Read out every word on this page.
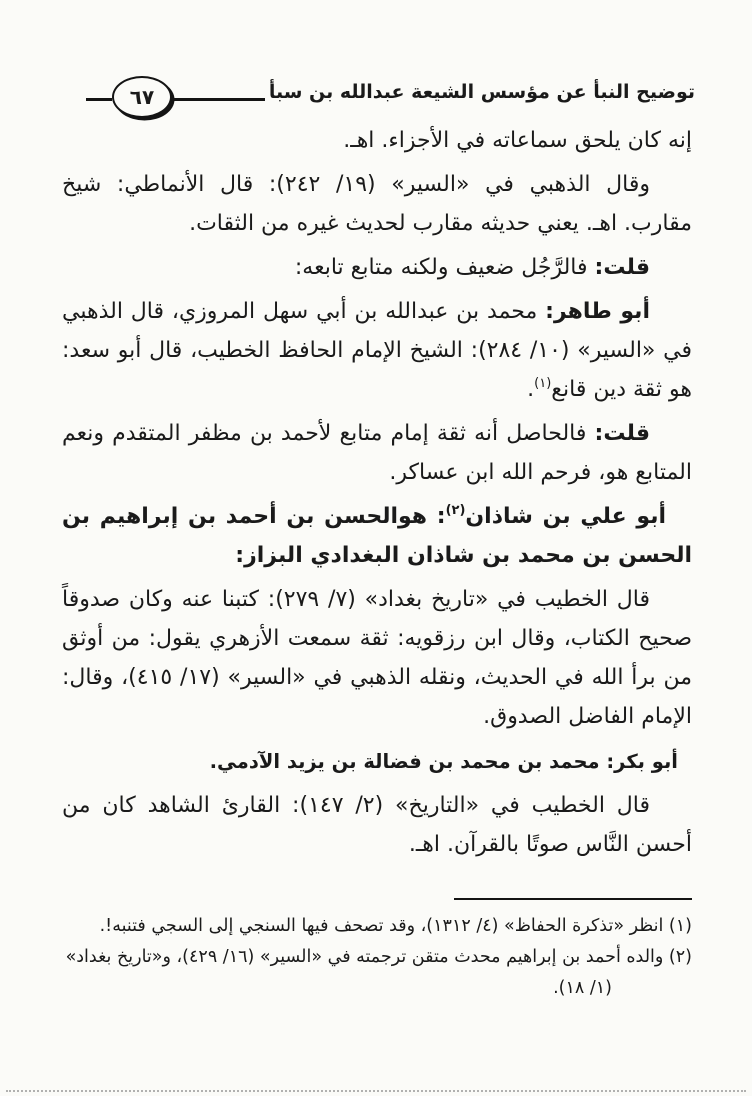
٦٧	توضيح النبأ عن مؤسس الشيعة عبدالله بن سبأ

إنه كان يلحق سماعاته في الأجزاء. اهـ.

وقال الذهبي في «السير» (١٩/ ٢٤٢): قال الأنماطي: شيخ مقارب. اهـ. يعني حديثه مقارب لحديث غيره من الثقات.

قلت: فالرَّجُل ضعيف ولكنه متابع تابعه:

أبو طاهر: محمد بن عبدالله بن أبي سهل المروزي، قال الذهبي في «السير» (١٠/ ٢٨٤): الشيخ الإمام الحافظ الخطيب، قال أبو سعد: هو ثقة دين قانع$^{(١)}$.

قلت: فالحاصل أنه ثقة إمام متابع لأحمد بن مظفر المتقدم ونعم المتابع هو، فرحم الله ابن عساكر.

أبو علي بن شاذان$^{(٢)}$: هوالحسن بن أحمد بن إبراهيم بن الحسن بن محمد بن شاذان البغدادي البزاز:

قال الخطيب في «تاريخ بغداد» (٧/ ٢٧٩): كتبنا عنه وكان صدوقاً صحيح الكتاب، وقال ابن رزقويه: ثقة سمعت الأزهري يقول: من أوثق من برأ الله في الحديث، ونقله الذهبي في «السير» (١٧/ ٤١٥)، وقال: الإمام الفاضل الصدوق.

أبو بكر: محمد بن محمد بن فضالة بن يزيد الآدمي.

قال الخطيب في «التاريخ» (٢/ ١٤٧): القارئ الشاهد كان من أحسن النَّاس صوتًا بالقرآن. اهـ.

(١) انظر «تذكرة الحفاظ» (٤/ ١٣١٢)، وقد تصحف فيها السنجي إلى السجي فتنبه!.

(٢) والده أحمد بن إبراهيم محدث متقن ترجمته في «السير» (١٦/ ٤٢٩)، و«تاريخ بغداد»

(١/ ١٨).
